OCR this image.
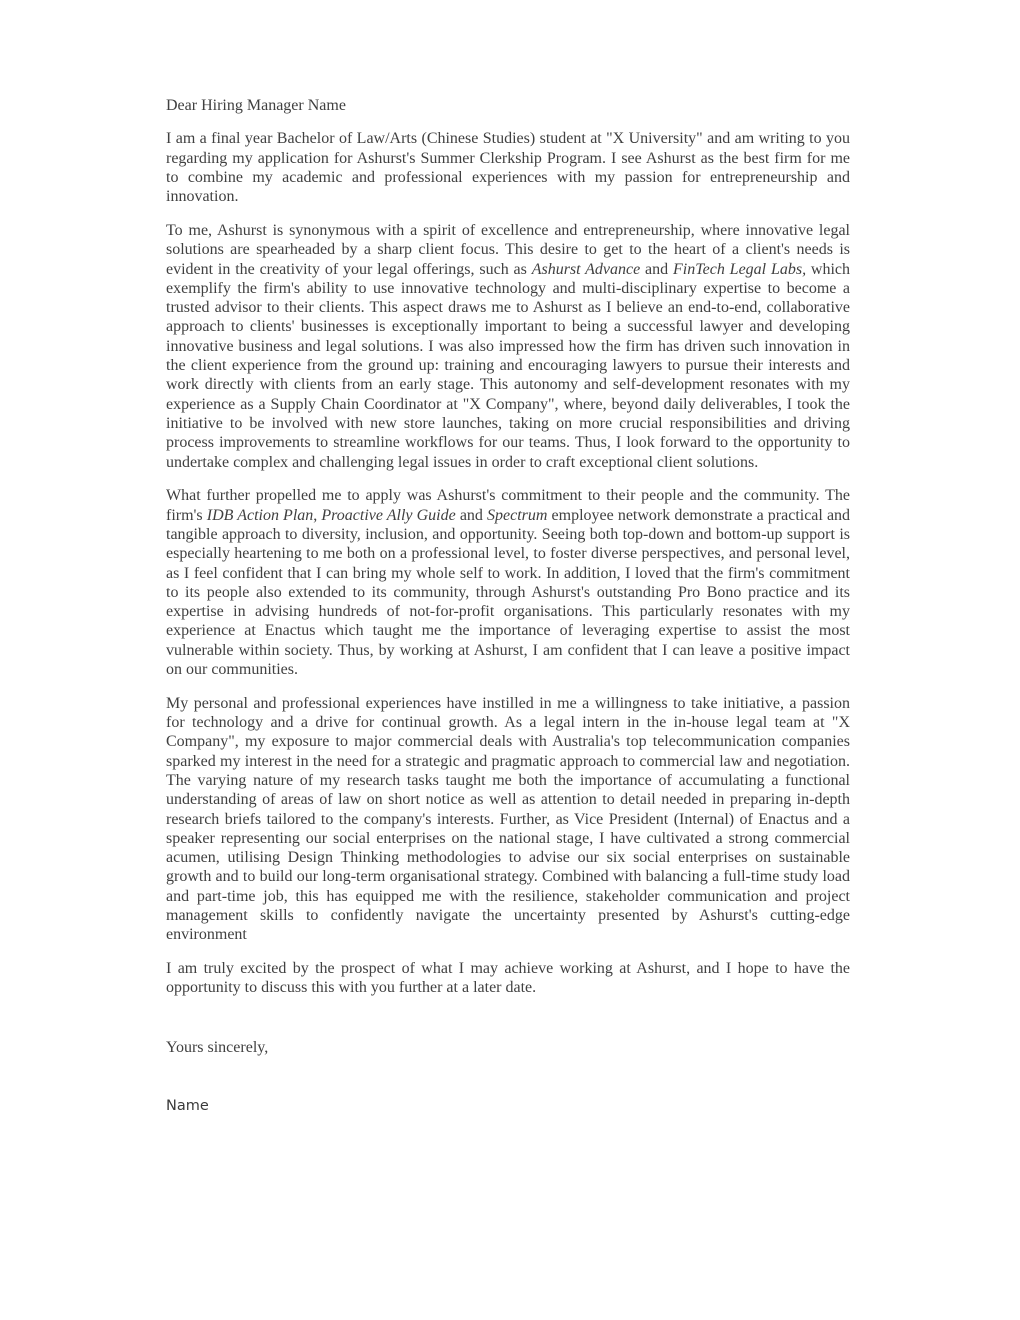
Dear Hiring Manager Name

I am a final year Bachelor of Law/Arts (Chinese Studies) student at "X University" and am writing to you regarding my application for Ashurst's Summer Clerkship Program. I see Ashurst as the best firm for me to combine my academic and professional experiences with my passion for entrepreneurship and innovation.

To me, Ashurst is synonymous with a spirit of excellence and entrepreneurship, where innovative legal solutions are spearheaded by a sharp client focus. This desire to get to the heart of a client's needs is evident in the creativity of your legal offerings, such as Ashurst Advance and FinTech Legal Labs, which exemplify the firm's ability to use innovative technology and multi-disciplinary expertise to become a trusted advisor to their clients. This aspect draws me to Ashurst as I believe an end-to-end, collaborative approach to clients' businesses is exceptionally important to being a successful lawyer and developing innovative business and legal solutions. I was also impressed how the firm has driven such innovation in the client experience from the ground up: training and encouraging lawyers to pursue their interests and work directly with clients from an early stage. This autonomy and self-development resonates with my experience as a Supply Chain Coordinator at "X Company", where, beyond daily deliverables, I took the initiative to be involved with new store launches, taking on more crucial responsibilities and driving process improvements to streamline workflows for our teams. Thus, I look forward to the opportunity to undertake complex and challenging legal issues in order to craft exceptional client solutions.

What further propelled me to apply was Ashurst's commitment to their people and the community. The firm's IDB Action Plan, Proactive Ally Guide and Spectrum employee network demonstrate a practical and tangible approach to diversity, inclusion, and opportunity. Seeing both top-down and bottom-up support is especially heartening to me both on a professional level, to foster diverse perspectives, and personal level, as I feel confident that I can bring my whole self to work. In addition, I loved that the firm's commitment to its people also extended to its community, through Ashurst's outstanding Pro Bono practice and its expertise in advising hundreds of not-for-profit organisations. This particularly resonates with my experience at Enactus which taught me the importance of leveraging expertise to assist the most vulnerable within society. Thus, by working at Ashurst, I am confident that I can leave a positive impact on our communities.

My personal and professional experiences have instilled in me a willingness to take initiative, a passion for technology and a drive for continual growth. As a legal intern in the in-house legal team at "X Company", my exposure to major commercial deals with Australia's top telecommunication companies sparked my interest in the need for a strategic and pragmatic approach to commercial law and negotiation. The varying nature of my research tasks taught me both the importance of accumulating a functional understanding of areas of law on short notice as well as attention to detail needed in preparing in-depth research briefs tailored to the company's interests. Further, as Vice President (Internal) of Enactus and a speaker representing our social enterprises on the national stage, I have cultivated a strong commercial acumen, utilising Design Thinking methodologies to advise our six social enterprises on sustainable growth and to build our long-term organisational strategy. Combined with balancing a full-time study load and part-time job, this has equipped me with the resilience, stakeholder communication and project management skills to confidently navigate the uncertainty presented by Ashurst's cutting-edge environment

I am truly excited by the prospect of what I may achieve working at Ashurst, and I hope to have the opportunity to discuss this with you further at a later date.

Yours sincerely,

Name
